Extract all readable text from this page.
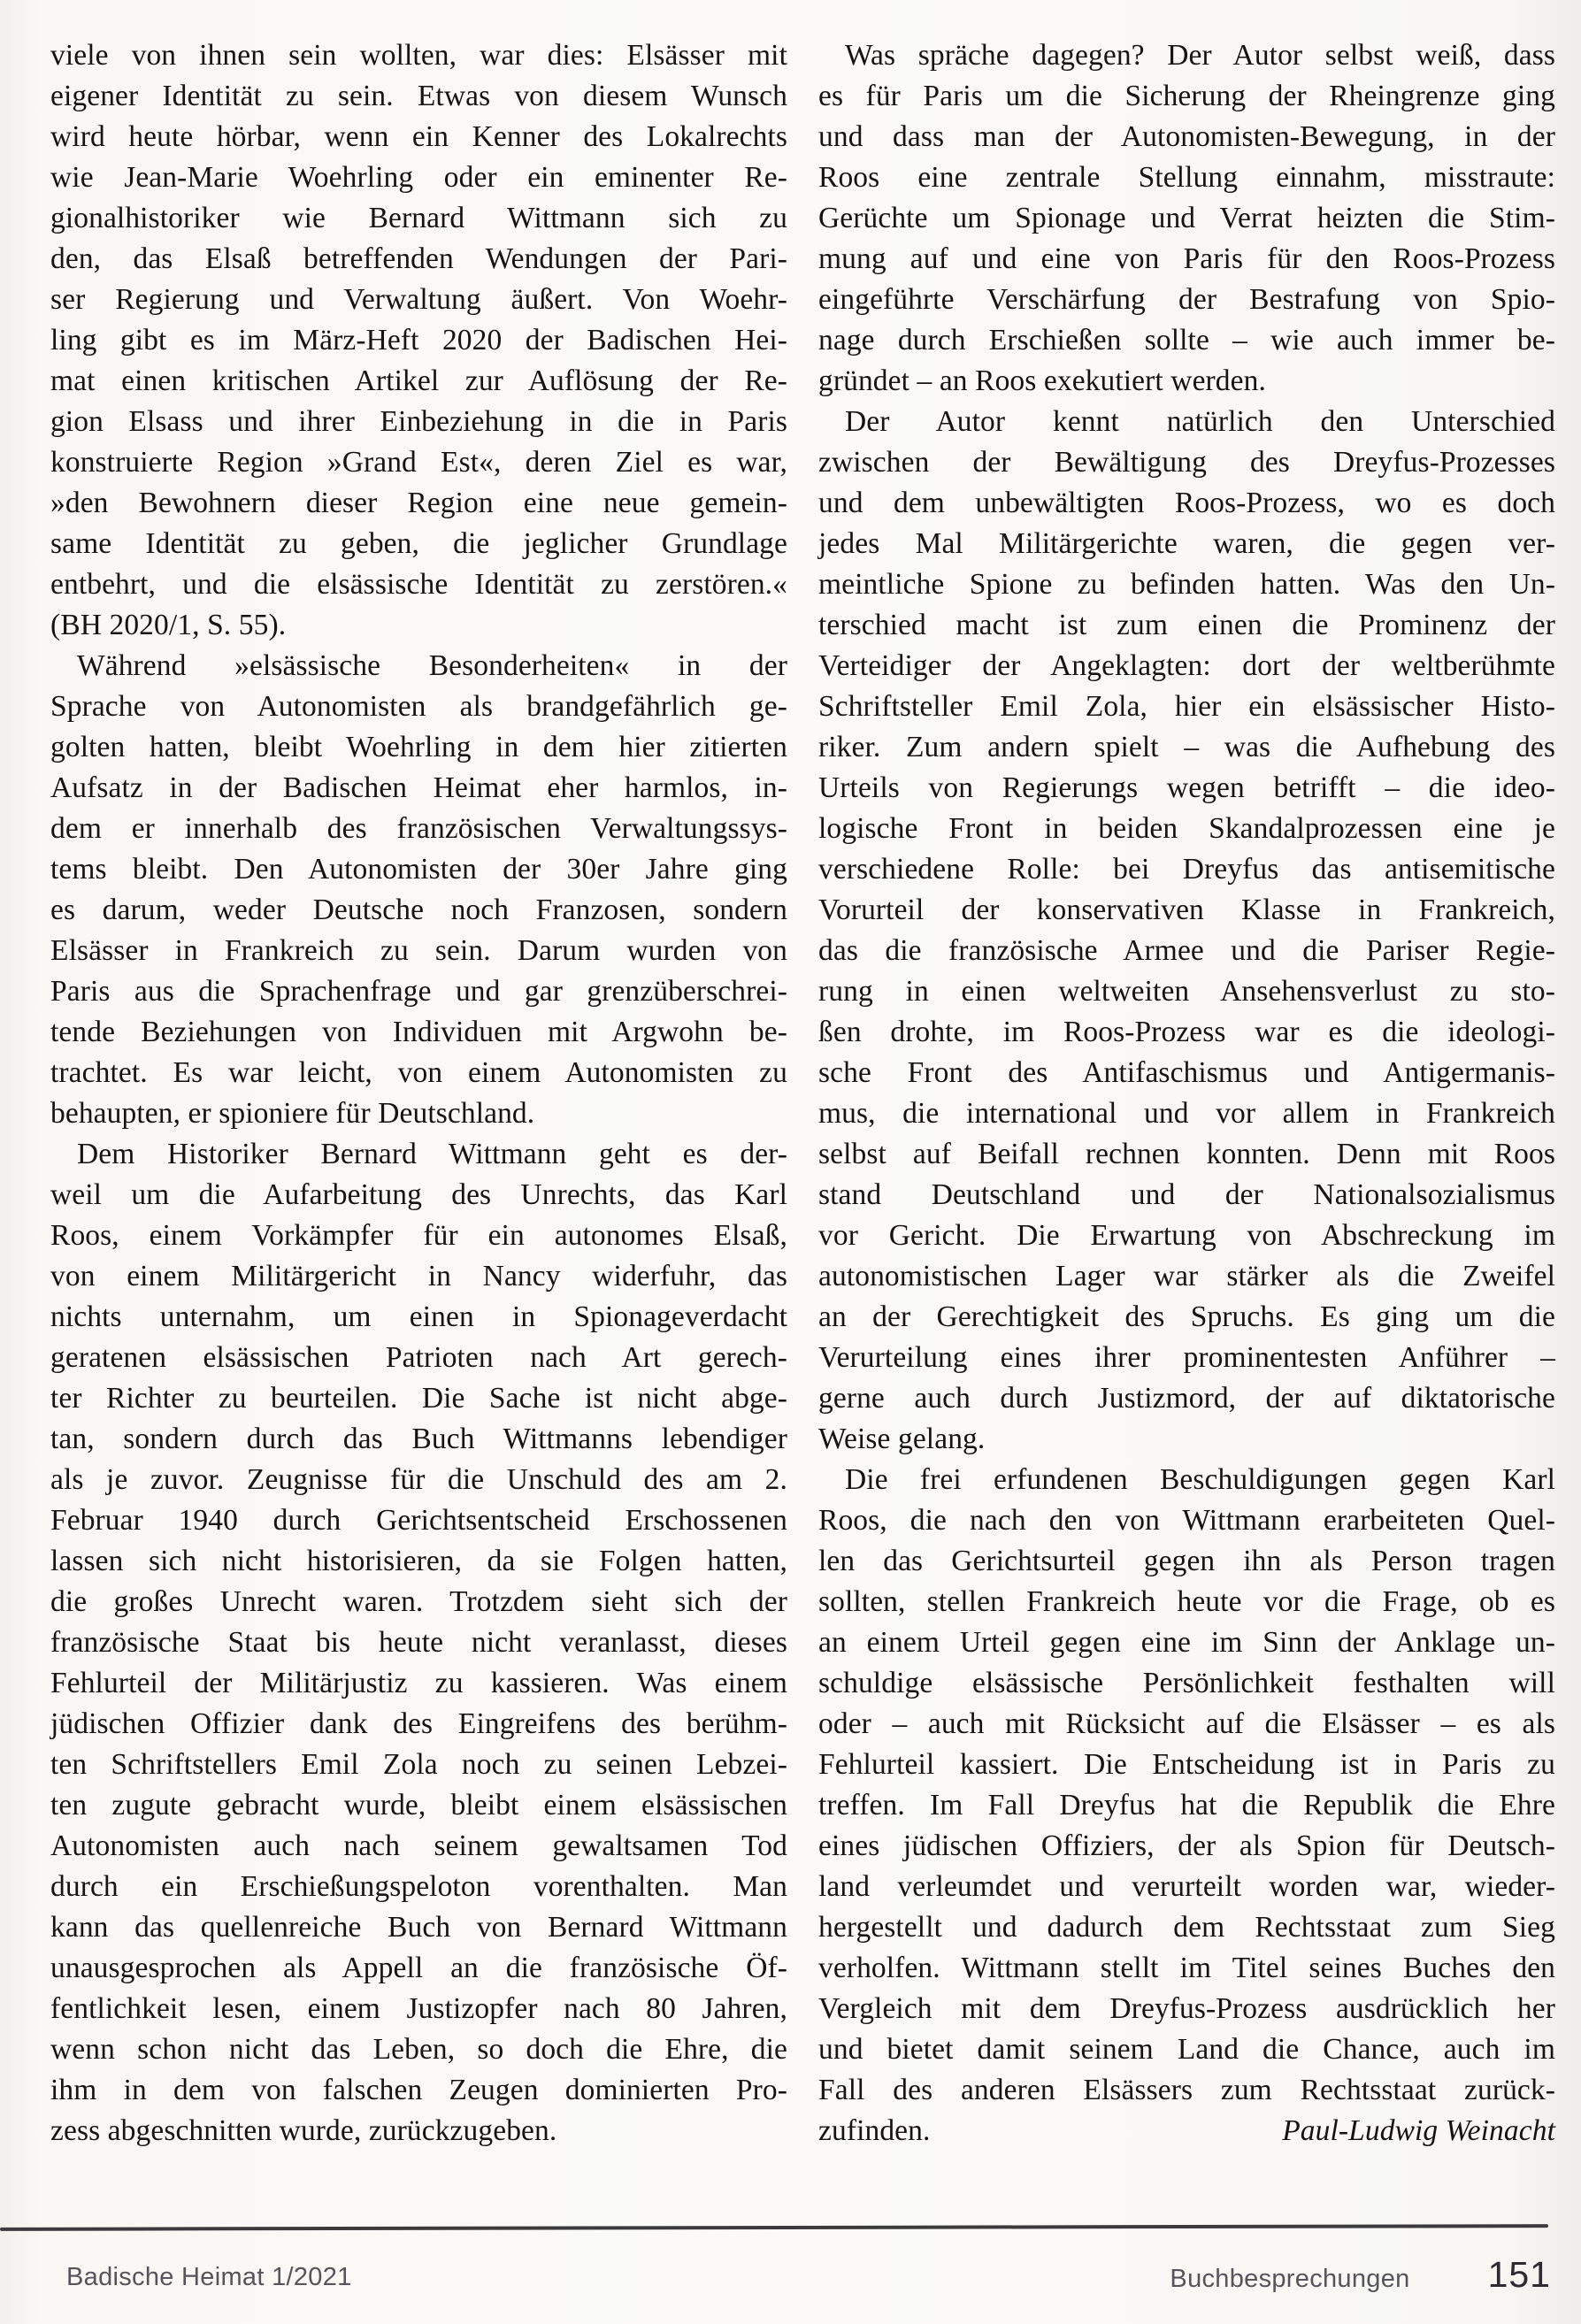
viele von ihnen sein wollten, war dies: Elsässer mit
eigener Identität zu sein. Etwas von diesem Wunsch
wird heute hörbar, wenn ein Kenner des Lokalrechts
wie Jean-Marie Woehrling oder ein eminenter Re-
gionalhistoriker wie Bernard Wittmann sich zu
den, das Elsaß betreffenden Wendungen der Pari-
ser Regierung und Verwaltung äußert. Von Woehr-
ling gibt es im März-Heft 2020 der Badischen Hei-
mat einen kritischen Artikel zur Auflösung der Re-
gion Elsass und ihrer Einbeziehung in die in Paris
konstruierte Region »Grand Est«, deren Ziel es war,
»den Bewohnern dieser Region eine neue gemein-
same Identität zu geben, die jeglicher Grundlage
entbehrt, und die elsässische Identität zu zerstören.«
(BH 2020/1, S. 55).
Während »elsässische Besonderheiten« in der
Sprache von Autonomisten als brandgefährlich ge-
golten hatten, bleibt Woehrling in dem hier zitierten
Aufsatz in der Badischen Heimat eher harmlos, in-
dem er innerhalb des französischen Verwaltungssys-
tems bleibt. Den Autonomisten der 30er Jahre ging
es darum, weder Deutsche noch Franzosen, sondern
Elsässer in Frankreich zu sein. Darum wurden von
Paris aus die Sprachenfrage und gar grenzüberschrei-
tende Beziehungen von Individuen mit Argwohn be-
trachtet. Es war leicht, von einem Autonomisten zu
behaupten, er spioniere für Deutschland.
Dem Historiker Bernard Wittmann geht es der-
weil um die Aufarbeitung des Unrechts, das Karl
Roos, einem Vorkämpfer für ein autonomes Elsaß,
von einem Militärgericht in Nancy widerfuhr, das
nichts unternahm, um einen in Spionageverdacht
geratenen elsässischen Patrioten nach Art gerech-
ter Richter zu beurteilen. Die Sache ist nicht abge-
tan, sondern durch das Buch Wittmanns lebendiger
als je zuvor. Zeugnisse für die Unschuld des am 2.
Februar 1940 durch Gerichtsentscheid Erschossenen
lassen sich nicht historisieren, da sie Folgen hatten,
die großes Unrecht waren. Trotzdem sieht sich der
französische Staat bis heute nicht veranlasst, dieses
Fehlurteil der Militärjustiz zu kassieren. Was einem
jüdischen Offizier dank des Eingreifens des berühm-
ten Schriftstellers Emil Zola noch zu seinen Lebzei-
ten zugute gebracht wurde, bleibt einem elsässischen
Autonomisten auch nach seinem gewaltsamen Tod
durch ein Erschießungspeloton vorenthalten. Man
kann das quellenreiche Buch von Bernard Wittmann
unausgesprochen als Appell an die französische Öf-
fentlichkeit lesen, einem Justizopfer nach 80 Jahren,
wenn schon nicht das Leben, so doch die Ehre, die
ihm in dem von falschen Zeugen dominierten Pro-
zess abgeschnitten wurde, zurückzugeben.
Was spräche dagegen? Der Autor selbst weiß, dass
es für Paris um die Sicherung der Rheingrenze ging
und dass man der Autonomisten-Bewegung, in der
Roos eine zentrale Stellung einnahm, misstraute:
Gerüchte um Spionage und Verrat heizten die Stim-
mung auf und eine von Paris für den Roos-Prozess
eingeführte Verschärfung der Bestrafung von Spio-
nage durch Erschießen sollte – wie auch immer be-
gründet – an Roos exekutiert werden.
Der Autor kennt natürlich den Unterschied
zwischen der Bewältigung des Dreyfus-Prozesses
und dem unbewältigten Roos-Prozess, wo es doch
jedes Mal Militärgerichte waren, die gegen ver-
meintliche Spione zu befinden hatten. Was den Un-
terschied macht ist zum einen die Prominenz der
Verteidiger der Angeklagten: dort der weltberühmte
Schriftsteller Emil Zola, hier ein elsässischer Histo-
riker. Zum andern spielt – was die Aufhebung des
Urteils von Regierungs wegen betrifft – die ideo-
logische Front in beiden Skandalprozessen eine je
verschiedene Rolle: bei Dreyfus das antisemitische
Vorurteil der konservativen Klasse in Frankreich,
das die französische Armee und die Pariser Regie-
rung in einen weltweiten Ansehensverlust zu sto-
ßen drohte, im Roos-Prozess war es die ideologi-
sche Front des Antifaschismus und Antigermanis-
mus, die international und vor allem in Frankreich
selbst auf Beifall rechnen konnten. Denn mit Roos
stand Deutschland und der Nationalsozialismus
vor Gericht. Die Erwartung von Abschreckung im
autonomistischen Lager war stärker als die Zweifel
an der Gerechtigkeit des Spruchs. Es ging um die
Verurteilung eines ihrer prominentesten Anführer –
gerne auch durch Justizmord, der auf diktatorische
Weise gelang.
Die frei erfundenen Beschuldigungen gegen Karl
Roos, die nach den von Wittmann erarbeiteten Quel-
len das Gerichtsurteil gegen ihn als Person tragen
sollten, stellen Frankreich heute vor die Frage, ob es
an einem Urteil gegen eine im Sinn der Anklage un-
schuldige elsässische Persönlichkeit festhalten will
oder – auch mit Rücksicht auf die Elsässer – es als
Fehlurteil kassiert. Die Entscheidung ist in Paris zu
treffen. Im Fall Dreyfus hat die Republik die Ehre
eines jüdischen Offiziers, der als Spion für Deutsch-
land verleumdet und verurteilt worden war, wieder-
hergestellt und dadurch dem Rechtsstaat zum Sieg
verholfen. Wittmann stellt im Titel seines Buches den
Vergleich mit dem Dreyfus-Prozess ausdrücklich her
und bietet damit seinem Land die Chance, auch im
Fall des anderen Elsässers zum Rechtsstaat zurück-
zufinden.	Paul-Ludwig Weinacht
Badische Heimat 1/2021	Buchbesprechungen 151
